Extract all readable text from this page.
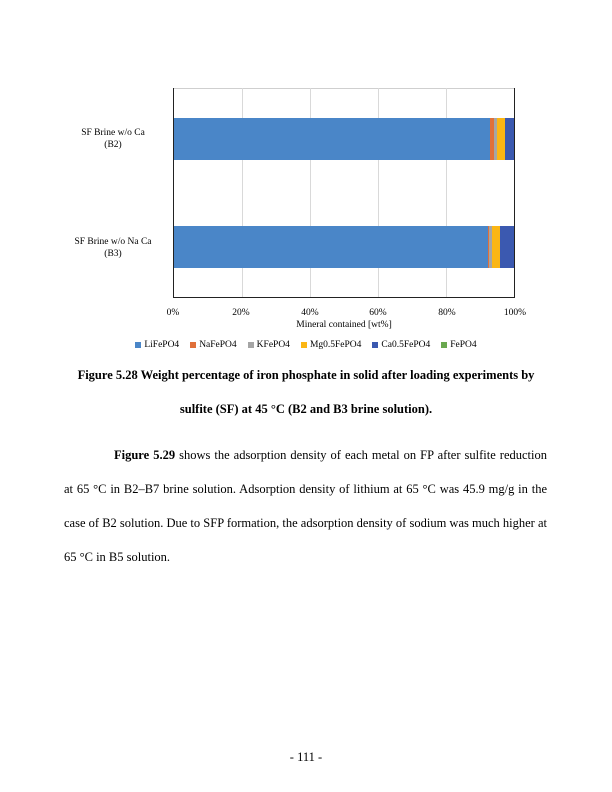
SF Brine w/o Ca
(B2)
SF Brine w/o Na Ca
(B3)
0%	20%	40%	60%	80%	100%
Mineral contained [wt%]
LiFePO4 NaFePO4 KFePO4 Mg0.5FePO4 Ca0.5FePO4 FePO4
Figure 5.28 Weight percentage of iron phosphate in solid after loading experiments by
sulfite (SF) at 45 °C (B2 and B3 brine solution).
Figure 5.29 shows the adsorption density of each metal on FP after sulfite reduction at 65 °C in B2–B7 brine solution. Adsorption density of lithium at 65 °C was 45.9 mg/g in the case of B2 solution. Due to SFP formation, the adsorption density of sodium was much higher at 65 °C in B5 solution.
- 111 -
